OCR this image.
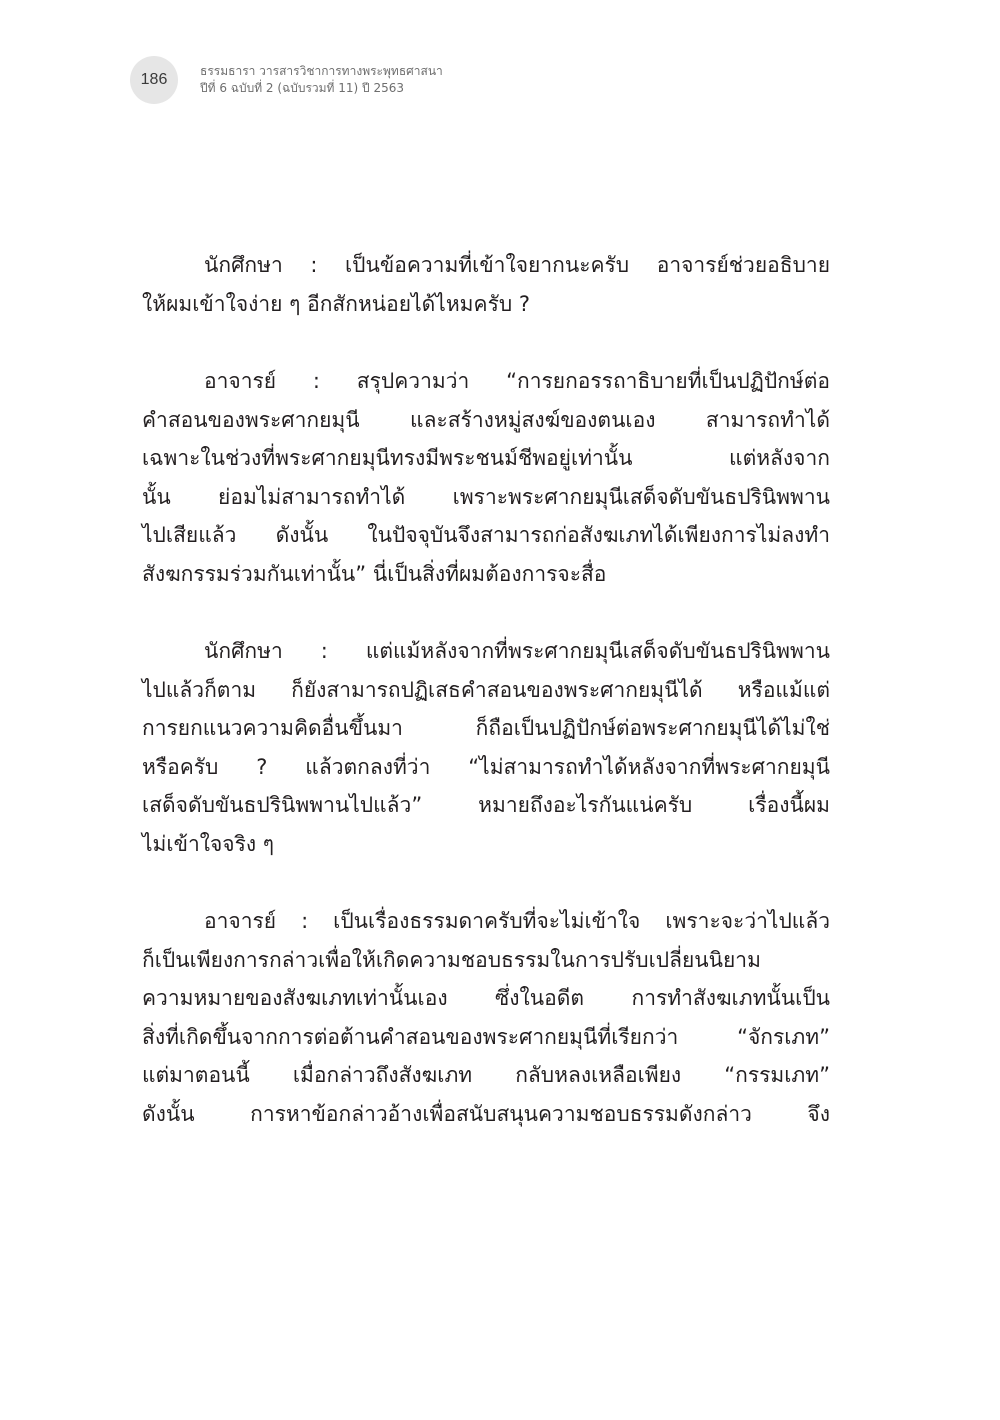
186	ธรรมธารา วารสารวิชาการทางพระพุทธศาสนา
ปีที่ 6 ฉบับที่ 2 (ฉบับรวมที่ 11) ปี 2563
นักศึกษา : เป็นข้อความที่เข้าใจยากนะครับ อาจารย์ช่วยอธิบาย
ให้ผมเข้าใจง่าย ๆ อีกสักหน่อยได้ไหมครับ ?
อาจารย์ : สรุปความว่า “การยกอรรถาธิบายที่เป็นปฏิปักษ์ต่อ
คำสอนของพระศากยมุนี และสร้างหมู่สงฆ์ของตนเอง สามารถทำได้
เฉพาะในช่วงที่พระศากยมุนีทรงมีพระชนม์ชีพอยู่เท่านั้น แต่หลังจาก
นั้น ย่อมไม่สามารถทำได้ เพราะพระศากยมุนีเสด็จดับขันธปรินิพพาน
ไปเสียแล้ว ดังนั้น ในปัจจุบันจึงสามารถก่อสังฆเภทได้เพียงการไม่ลงทำ
สังฆกรรมร่วมกันเท่านั้น” นี่เป็นสิ่งที่ผมต้องการจะสื่อ
นักศึกษา : แต่แม้หลังจากที่พระศากยมุนีเสด็จดับขันธปรินิพพาน
ไปแล้วก็ตาม ก็ยังสามารถปฏิเสธคำสอนของพระศากยมุนีได้ หรือแม้แต่
การยกแนวความคิดอื่นขึ้นมา ก็ถือเป็นปฏิปักษ์ต่อพระศากยมุนีได้ไม่ใช่
หรือครับ ? แล้วตกลงที่ว่า “ไม่สามารถทำได้หลังจากที่พระศากยมุนี
เสด็จดับขันธปรินิพพานไปแล้ว” หมายถึงอะไรกันแน่ครับ เรื่องนี้ผม
ไม่เข้าใจจริง ๆ
อาจารย์ : เป็นเรื่องธรรมดาครับที่จะไม่เข้าใจ เพราะจะว่าไปแล้ว
ก็เป็นเพียงการกล่าวเพื่อให้เกิดความชอบธรรมในการปรับเปลี่ยนนิยาม
ความหมายของสังฆเภทเท่านั้นเอง ซึ่งในอดีต การทำสังฆเภทนั้นเป็น
สิ่งที่เกิดขึ้นจากการต่อต้านคำสอนของพระศากยมุนีที่เรียกว่า “จักรเภท”
แต่มาตอนนี้ เมื่อกล่าวถึงสังฆเภท กลับหลงเหลือเพียง “กรรมเภท”
ดังนั้น การหาข้อกล่าวอ้างเพื่อสนับสนุนความชอบธรรมดังกล่าว จึง
